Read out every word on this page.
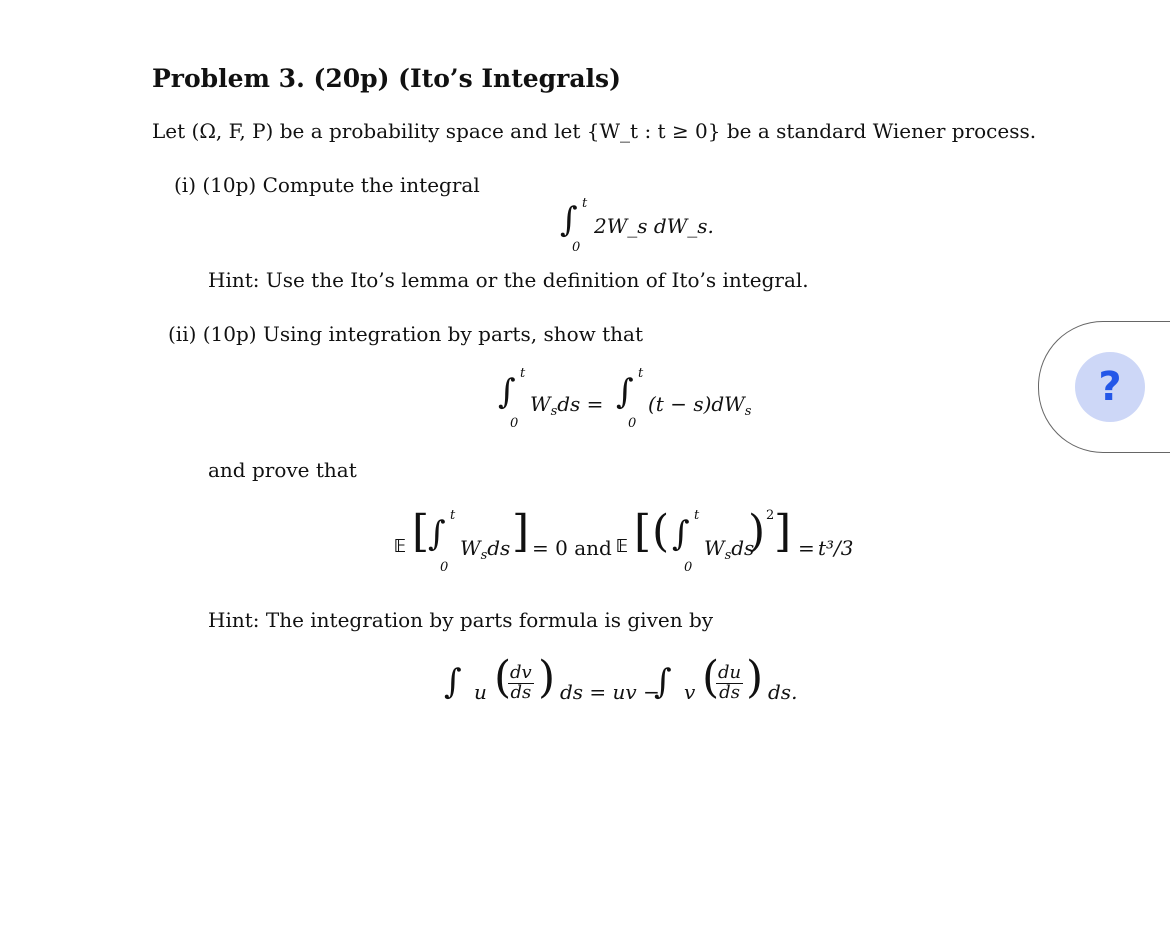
Problem 3. (20p) (Ito’s Integrals)
Let (Ω, F, P) be a probability space and let {W_t : t ≥ 0} be a standard Wiener process.
(i) (10p) Compute the integral
∫ t
0
2W_s dW_s.
Hint: Use the Ito’s lemma or the definition of Ito’s integral.
(ii) (10p) Using integration by parts, show that
∫ t
0
$W_sds$ = ∫ t
0
$(t - s)dW_s$
and prove that
𝔼 [
∫ t
0
$W_sds$ ] = 0 and 𝔼 [ ( ∫ t
0
$W_sds$
) 2 ] = t³/3
Hint: The integration by parts formula is given by
∫ u (
$\frac{dv}{ds}$ ) ds = uv −
∫ v (
$\frac{du}{ds}$ ) ds.
?
